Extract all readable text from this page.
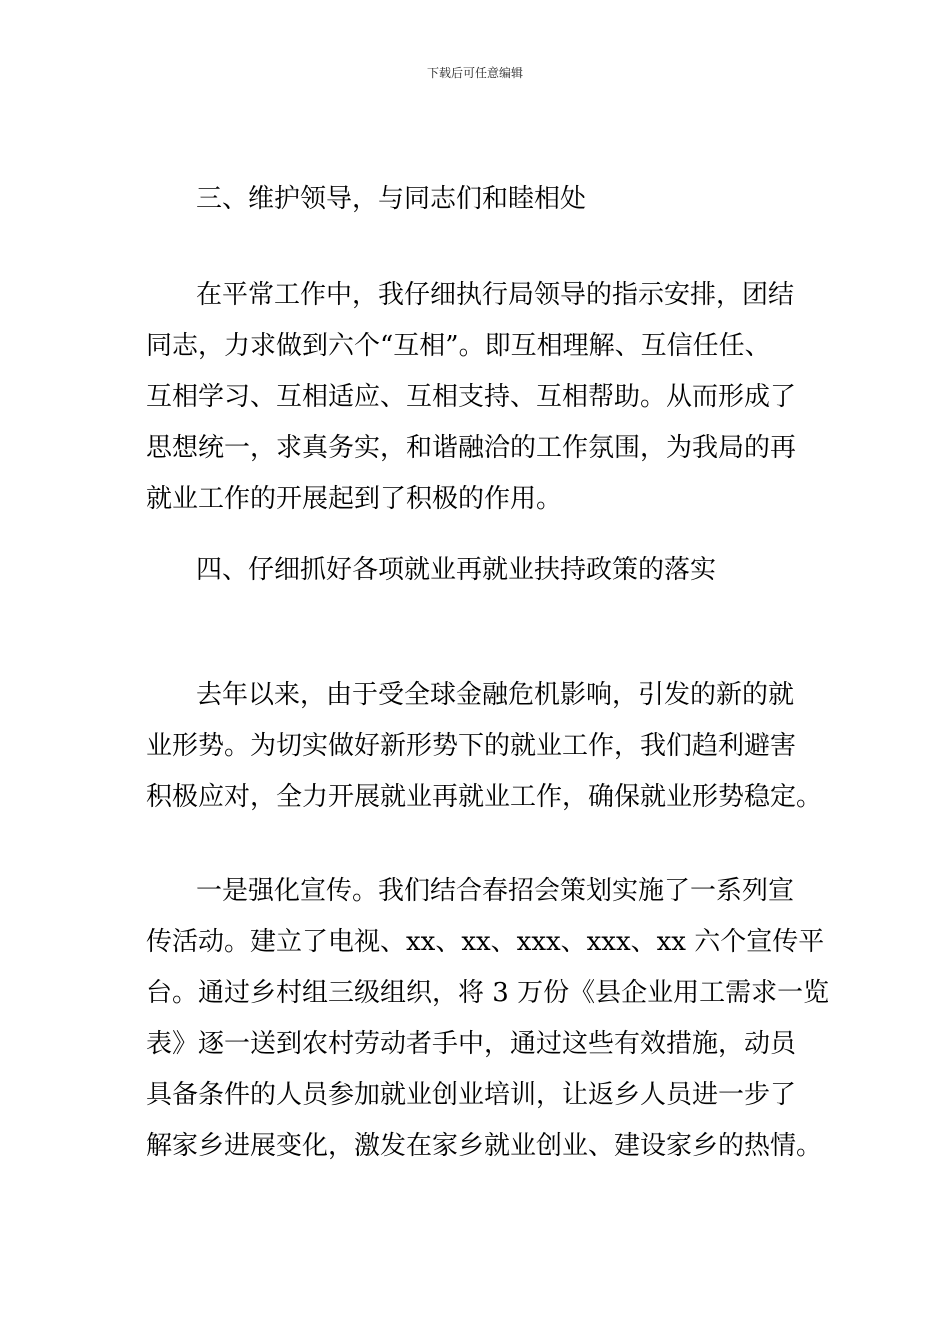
下载后可任意编辑
三、维护领导，与同志们和睦相处
在平常工作中，我仔细执行局领导的指示安排，团结
同志，力求做到六个“互相”。即互相理解、互信任任、
互相学习、互相适应、互相支持、互相帮助。从而形成了
思想统一，求真务实，和谐融洽的工作氛围，为我局的再
就业工作的开展起到了积极的作用。
四、仔细抓好各项就业再就业扶持政策的落实
去年以来，由于受全球金融危机影响，引发的新的就
业形势。为切实做好新形势下的就业工作，我们趋利避害
积极应对，全力开展就业再就业工作，确保就业形势稳定。
一是强化宣传。我们结合春招会策划实施了一系列宣
传活动。建立了电视、xx、xx、xxx、xxx、xx 六个宣传平
台。通过乡村组三级组织，将 3 万份《县企业用工需求一览
表》逐一送到农村劳动者手中，通过这些有效措施，动员
具备条件的人员参加就业创业培训，让返乡人员进一步了
解家乡进展变化，激发在家乡就业创业、建设家乡的热情。
